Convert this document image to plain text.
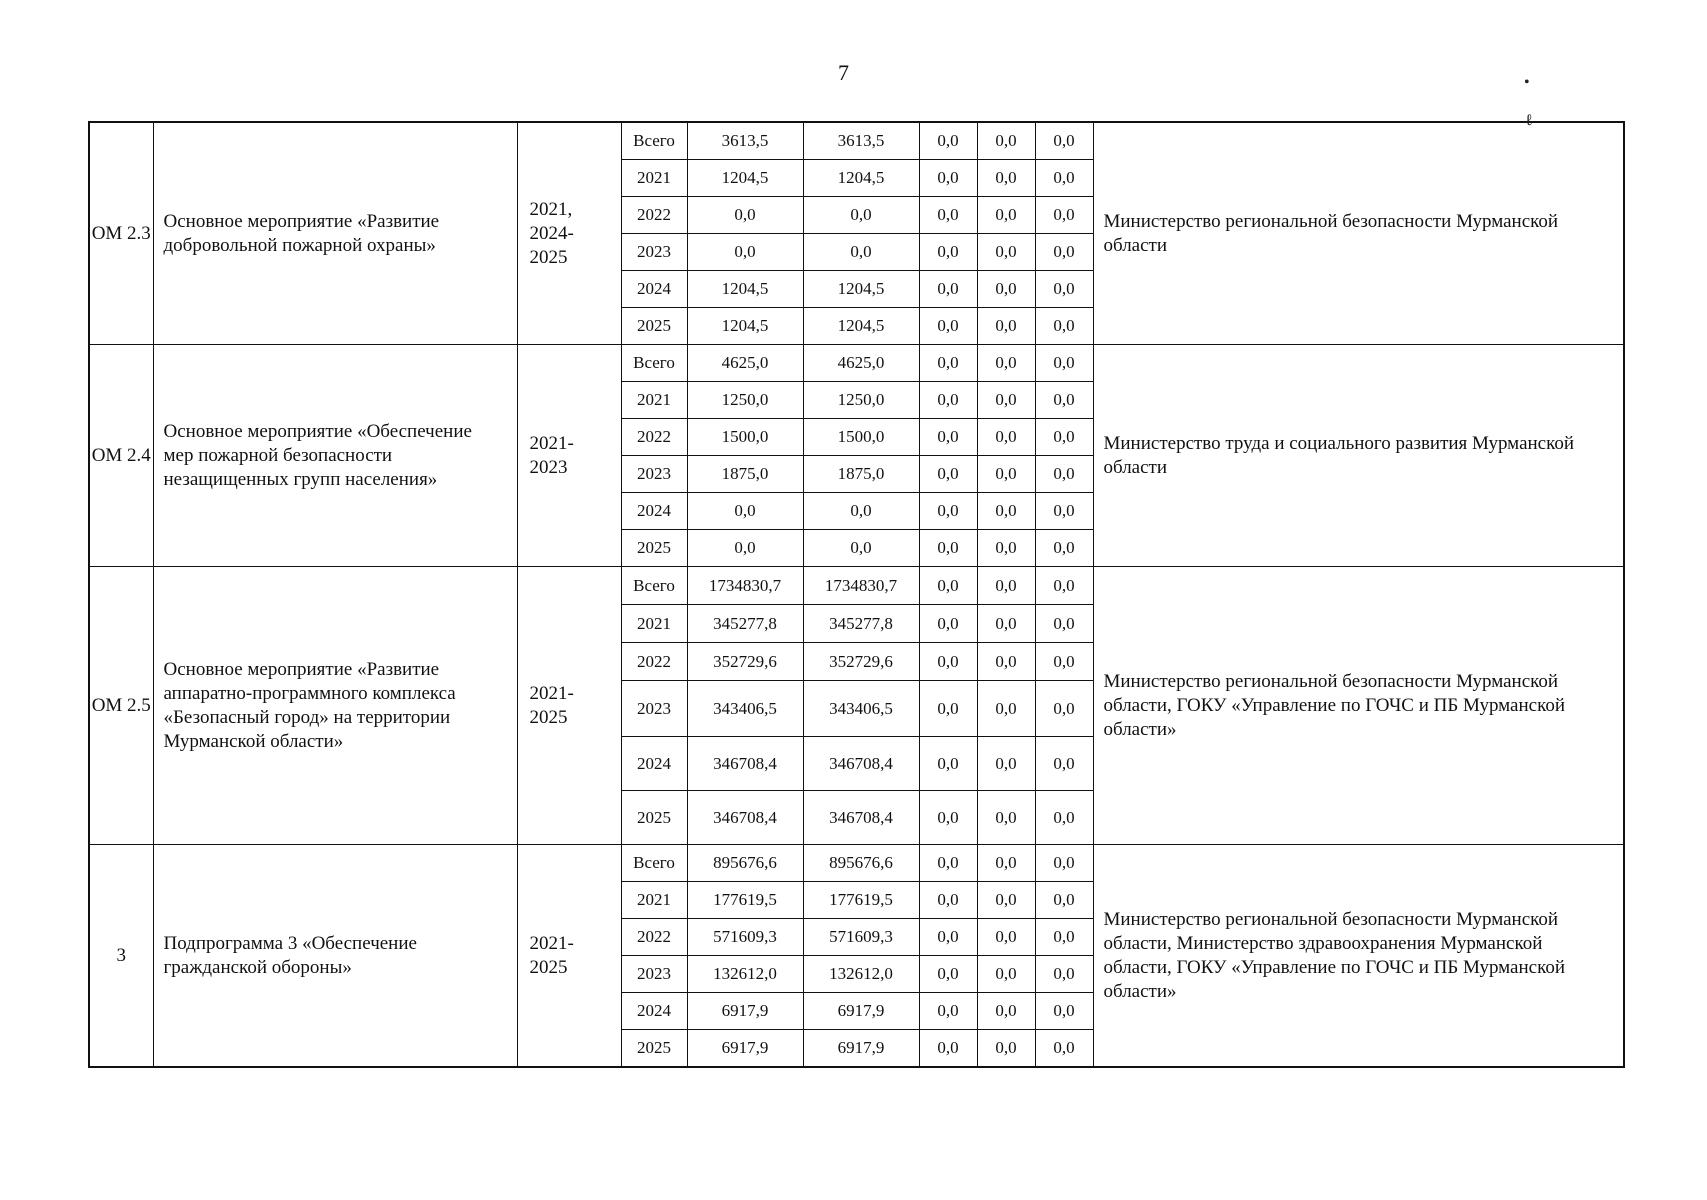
7
ОМ 2.3	Основное мероприятие «Развитие добровольной пожарной охраны»	2021, 2024-2025	Всего	3613,5	3613,5	0,0	0,0	0,0	Министерство региональной безопасности Мурманской области
			2021	1204,5	1204,5	0,0	0,0	0,0	
			2022	0,0	0,0	0,0	0,0	0,0	
			2023	0,0	0,0	0,0	0,0	0,0	
			2024	1204,5	1204,5	0,0	0,0	0,0	
			2025	1204,5	1204,5	0,0	0,0	0,0	
ОМ 2.4	Основное мероприятие «Обеспечение мер пожарной безопасности незащищенных групп населения»	2021-2023	Всего	4625,0	4625,0	0,0	0,0	0,0	Министерство труда и социального развития Мурманской области
			2021	1250,0	1250,0	0,0	0,0	0,0	
			2022	1500,0	1500,0	0,0	0,0	0,0	
			2023	1875,0	1875,0	0,0	0,0	0,0	
			2024	0,0	0,0	0,0	0,0	0,0	
			2025	0,0	0,0	0,0	0,0	0,0	
ОМ 2.5	Основное мероприятие «Развитие аппаратно-программного комплекса «Безопасный город» на территории Мурманской области»	2021-2025	Всего	1734830,7	1734830,7	0,0	0,0	0,0	Министерство региональной безопасности Мурманской области, ГОКУ «Управление по ГОЧС и ПБ Мурманской области»
			2021	345277,8	345277,8	0,0	0,0	0,0	
			2022	352729,6	352729,6	0,0	0,0	0,0	
			2023	343406,5	343406,5	0,0	0,0	0,0	
			2024	346708,4	346708,4	0,0	0,0	0,0	
			2025	346708,4	346708,4	0,0	0,0	0,0	
3	Подпрограмма 3 «Обеспечение гражданской обороны»	2021-2025	Всего	895676,6	895676,6	0,0	0,0	0,0	Министерство региональной безопасности Мурманской области, Министерство здравоохранения Мурманской области, ГОКУ «Управление по ГОЧС и ПБ Мурманской области»
			2021	177619,5	177619,5	0,0	0,0	0,0	
			2022	571609,3	571609,3	0,0	0,0	0,0	
			2023	132612,0	132612,0	0,0	0,0	0,0	
			2024	6917,9	6917,9	0,0	0,0	0,0	
			2025	6917,9	6917,9	0,0	0,0	0,0	
•
ℓ
